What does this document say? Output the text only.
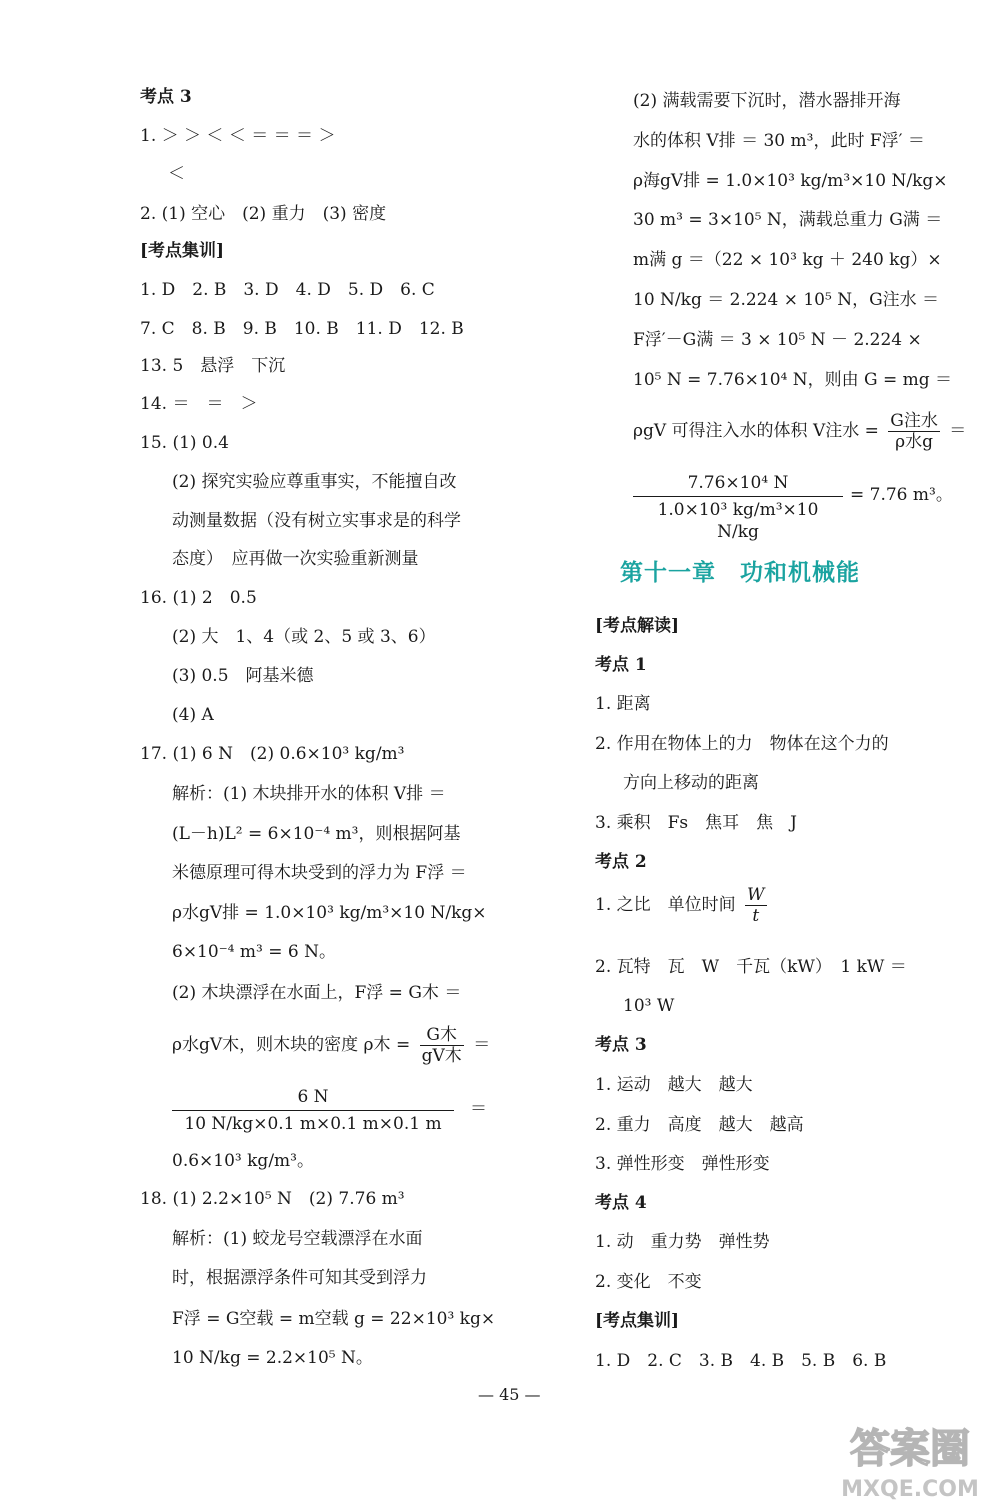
考点 3
1. ＞ ＞ ＜ ＜ ＝ ＝ ＝ ＞
＜
2. (1) 空心　(2) 重力　(3) 密度
[考点集训]
1. D　2. B　3. D　4. D　5. D　6. C
7. C　8. B　9. B　10. B　11. D　12. B
13. 5　悬浮　下沉
14. ＝　＝　＞
15. (1) 0.4
(2) 探究实验应尊重事实，不能擅自改
动测量数据（没有树立实事求是的科学
态度）　应再做一次实验重新测量
16. (1) 2　0.5
(2) 大　1、4（或 2、5 或 3、6）
(3) 0.5　阿基米德
(4) A
17. (1) 6 N　(2) 0.6×10³ kg/m³
解析：(1) 木块排开水的体积 V排 ＝
(L－h)L² = 6×10⁻⁴ m³，则根据阿基
米德原理可得木块受到的浮力为 F浮 ＝
ρ水gV排 = 1.0×10³ kg/m³×10 N/kg×
6×10⁻⁴ m³ = 6 N。
(2) 木块漂浮在水面上，F浮 = G木 ＝
ρ水gV木，则木块的密度 ρ木 = $\frac{\text{G木}}{\text{gV木}}$ ＝
$\frac{6 N}{10 N/kg\times 0.1 m\times 0.1 m\times 0.1 m}$ ＝
0.6×10³ kg/m³。
18. (1) 2.2×10⁵ N　(2) 7.76 m³
解析：(1) 蛟龙号空载漂浮在水面
时，根据漂浮条件可知其受到浮力
F浮 = G空载 = m空载 g = 22×10³ kg×
10 N/kg = 2.2×10⁵ N。
(2) 满载需要下沉时，潜水器排开海
水的体积 V排 ＝ 30 m³，此时 F浮′ ＝
ρ海gV排 = 1.0×10³ kg/m³×10 N/kg×
30 m³ = 3×10⁵ N，满载总重力 G满 ＝
m满 g ＝（22 × 10³ kg ＋ 240 kg）×
10 N/kg ＝ 2.224 × 10⁵ N，G注水 ＝
F浮′－G满 ＝ 3 × 10⁵ N － 2.224 ×
10⁵ N = 7.76×10⁴ N，则由 G = mg ＝
ρgV 可得注入水的体积 V注水 = $\frac{\text{G注水}}{\text{ρ水g}}$ ＝
$\frac{\text{7.76×10⁴ N}}{\text{1.0×10³ kg/m³×10 N/kg}} = 7.76$ m³。
第十一章　功和机械能
[考点解读]
考点 1
1. 距离
2. 作用在物体上的力　物体在这个力的
方向上移动的距离
3. 乘积　Fs　焦耳　焦　J
考点 2
1. 之比　单位时间 $\frac{W}{t}$
2. 瓦特　瓦　W　千瓦（kW）　1 kW ＝
10³ W
考点 3
1. 运动　越大　越大
2. 重力　高度　越大　越高
3. 弹性形变　弹性形变
考点 4
1. 动　重力势　弹性势
2. 变化　不变
[考点集训]
1. D　2. C　3. B　4. B　5. B　6. B
— 45 —
答案圈
MXQE.COM
